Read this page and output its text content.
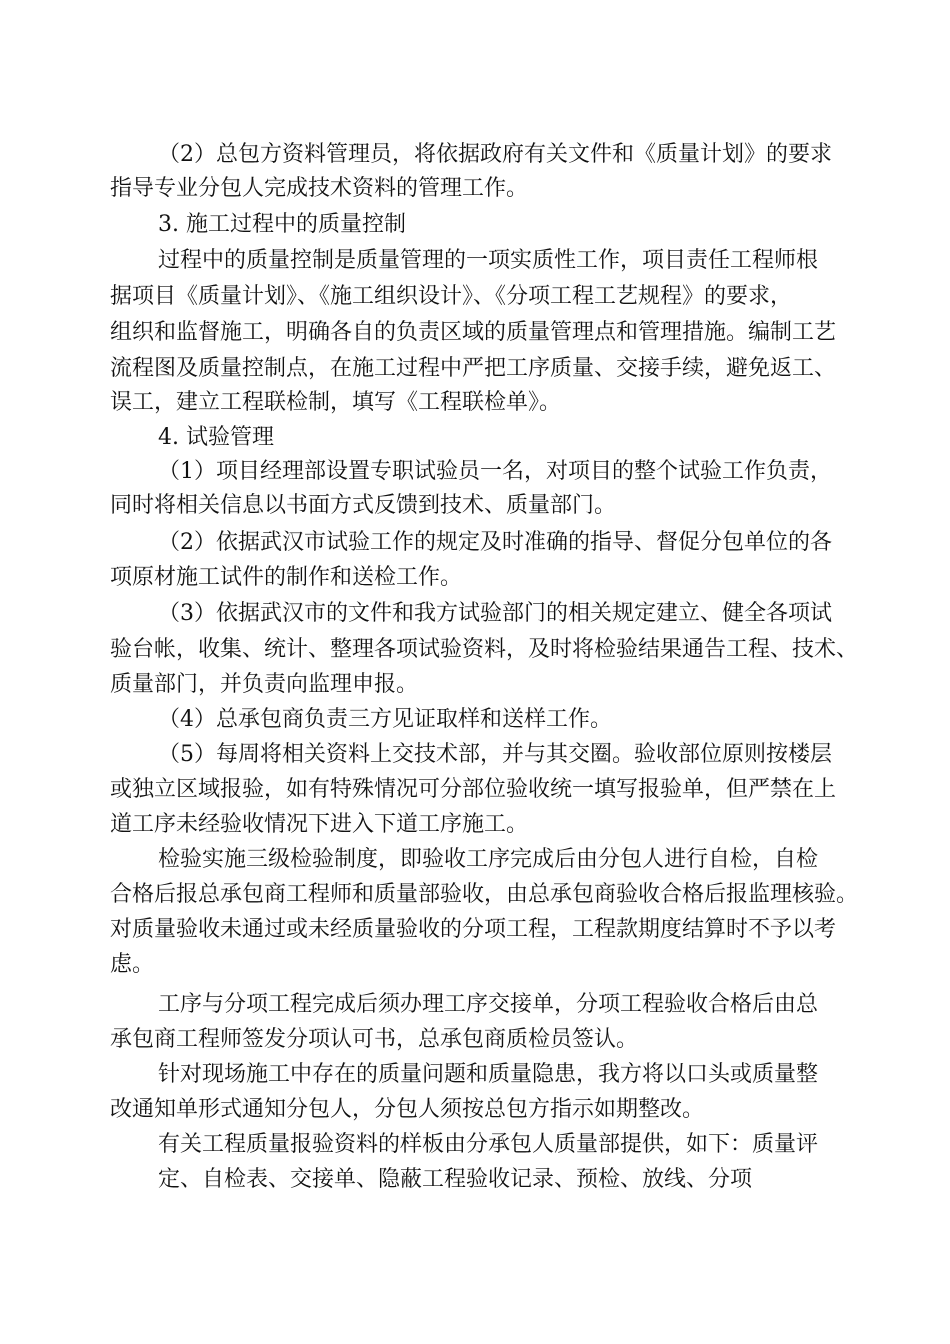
（2）总包方资料管理员，将依据政府有关文件和《质量计划》的要求
指导专业分包人完成技术资料的管理工作。
3. 施工过程中的质量控制
过程中的质量控制是质量管理的一项实质性工作，项目责任工程师根
据项目《质量计划》、《施工组织设计》、《分项工程工艺规程》的要求，
组织和监督施工，明确各自的负责区域的质量管理点和管理措施。编制工艺
流程图及质量控制点，在施工过程中严把工序质量、交接手续，避免返工、
误工，建立工程联检制，填写《工程联检单》。
4. 试验管理
（1）项目经理部设置专职试验员一名，对项目的整个试验工作负责，
同时将相关信息以书面方式反馈到技术、质量部门。
（2）依据武汉市试验工作的规定及时准确的指导、督促分包单位的各
项原材施工试件的制作和送检工作。
（3）依据武汉市的文件和我方试验部门的相关规定建立、健全各项试
验台帐，收集、统计、整理各项试验资料，及时将检验结果通告工程、技术、
质量部门，并负责向监理申报。
（4）总承包商负责三方见证取样和送样工作。
（5）每周将相关资料上交技术部，并与其交圈。验收部位原则按楼层
或独立区域报验，如有特殊情况可分部位验收统一填写报验单，但严禁在上
道工序未经验收情况下进入下道工序施工。
检验实施三级检验制度，即验收工序完成后由分包人进行自检，自检
合格后报总承包商工程师和质量部验收，由总承包商验收合格后报监理核验。
对质量验收未通过或未经质量验收的分项工程，工程款期度结算时不予以考
虑。
工序与分项工程完成后须办理工序交接单，分项工程验收合格后由总
承包商工程师签发分项认可书，总承包商质检员签认。
针对现场施工中存在的质量问题和质量隐患，我方将以口头或质量整
改通知单形式通知分包人，分包人须按总包方指示如期整改。
有关工程质量报验资料的样板由分承包人质量部提供，如下：质量评
定、自检表、交接单、隐蔽工程验收记录、预检、放线、分项
